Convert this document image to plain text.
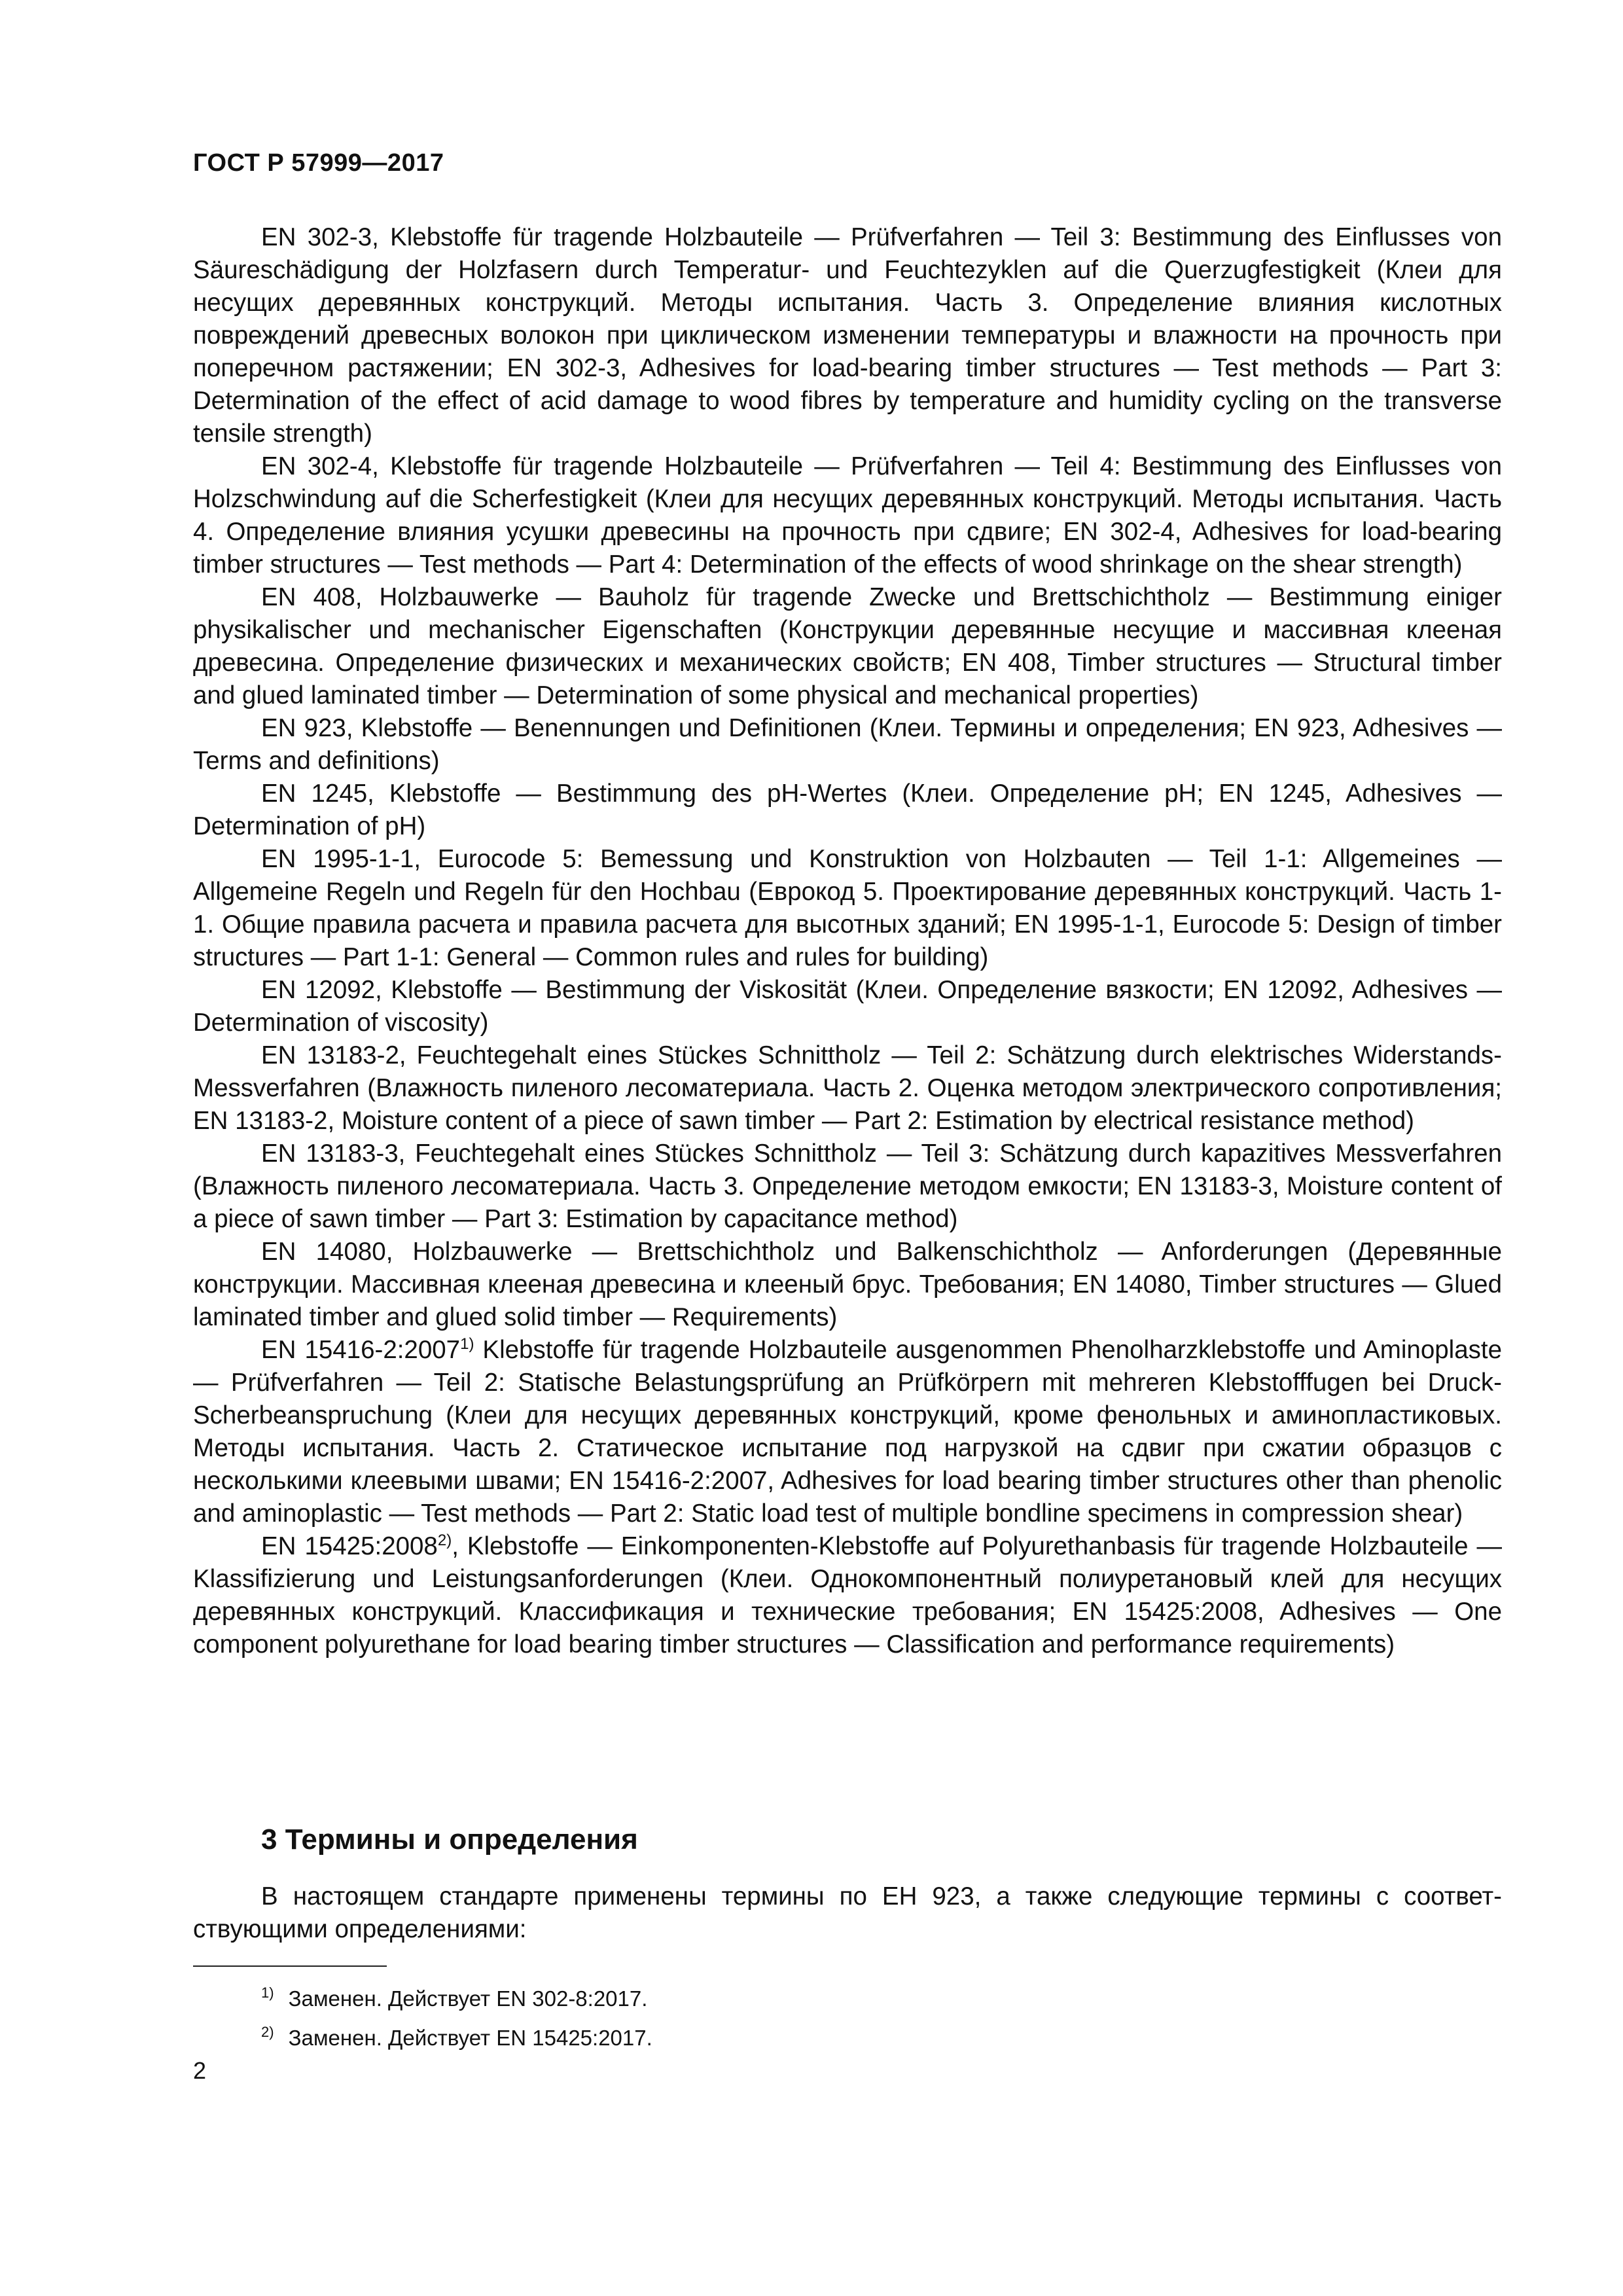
ГОСТ Р 57999—2017

EN 302-3, Klebstoffe für tragende Holzbauteile — Prüfverfahren — Teil 3: Bestimmung des Einflusses von Säureschädigung der Holzfasern durch Temperatur- und Feuchtezyklen auf die Querzugfestigkeit (Клеи для несущих деревянных конструкций. Методы испытания. Часть 3. Определение влияния кислотных повреждений древесных волокон при циклическом изменении температуры и влажности на прочность при поперечном растяжении; EN 302-3, Adhesives for load-bearing timber structures — Test methods — Part 3: Determination of the effect of acid damage to wood fibres by temperature and humidity cycling on the transverse tensile strength)

EN 302-4, Klebstoffe für tragende Holzbauteile — Prüfverfahren — Teil 4: Bestimmung des Einflusses von Holzschwindung auf die Scherfestigkeit (Клеи для несущих деревянных конструкций. Методы испытания. Часть 4. Определение влияния усушки древесины на прочность при сдвиге; EN 302-4, Adhesives for load-bearing timber structures — Test methods — Part 4: Determination of the effects of wood shrinkage on the shear strength)

EN 408, Holzbauwerke — Bauholz für tragende Zwecke und Brettschichtholz — Bestimmung einiger physikalischer und mechanischer Eigenschaften (Конструкции деревянные несущие и массивная клееная древесина. Определение физических и механических свойств; EN 408, Timber structures — Structural timber and glued laminated timber — Determination of some physical and mechanical properties)

EN 923, Klebstoffe — Benennungen und Definitionen (Клеи. Термины и определения; EN 923, Adhesives — Terms and definitions)

EN 1245, Klebstoffe — Bestimmung des pH-Wertes (Клеи. Определение pH; EN 1245, Adhesives — Determination of pH)

EN 1995-1-1, Eurocode 5: Bemessung und Konstruktion von Holzbauten — Teil 1-1: Allgemeines — Allgemeine Regeln und Regeln für den Hochbau (Еврокод 5. Проектирование деревянных конструкций. Часть 1-1. Общие правила расчета и правила расчета для высотных зданий; EN 1995-1-1, Eurocode 5: Design of timber structures — Part 1-1: General — Common rules and rules for building)

EN 12092, Klebstoffe — Bestimmung der Viskosität (Клеи. Определение вязкости; EN 12092, Adhesives — Determination of viscosity)

EN 13183-2, Feuchtegehalt eines Stückes Schnittholz — Teil 2: Schätzung durch elektrisches Widerstands-Messverfahren (Влажность пиленого лесоматериала. Часть 2. Оценка методом электрического сопротивления; EN 13183-2, Moisture content of a piece of sawn timber — Part 2: Estimation by electrical resistance method)

EN 13183-3, Feuchtegehalt eines Stückes Schnittholz — Teil 3: Schätzung durch kapazitives Messverfahren (Влажность пиленого лесоматериала. Часть 3. Определение методом емкости; EN 13183-3, Moisture content of a piece of sawn timber — Part 3: Estimation by capacitance method)

EN 14080, Holzbauwerke — Brettschichtholz und Balkenschichtholz — Anforderungen (Деревянные конструкции. Массивная клееная древесина и клееный брус. Требования; EN 14080, Timber structures — Glued laminated timber and glued solid timber — Requirements)

EN 15416-2:2007$^{1)}$ Klebstoffe für tragende Holzbauteile ausgenommen Phenolharzklebstoffe und Aminoplaste — Prüfverfahren — Teil 2: Statische Belastungsprüfung an Prüfkörpern mit mehreren Klebstofffugen bei Druck-Scherbeanspruchung (Клеи для несущих деревянных конструкций, кроме фенольных и аминопластиковых. Методы испытания. Часть 2. Статическое испытание под нагрузкой на сдвиг при сжатии образцов с несколькими клеевыми швами; EN 15416-2:2007, Adhesives for load bearing timber structures other than phenolic and aminoplastic — Test methods — Part 2: Static load test of multiple bondline specimens in compression shear)

EN 15425:2008$^{2)}$, Klebstoffe — Einkomponenten-Klebstoffe auf Polyurethanbasis für tragende Holzbauteile — Klassifizierung und Leistungsanforderungen (Клеи. Однокомпонентный полиуретановый клей для несущих деревянных конструкций. Классификация и технические требования; EN 15425:2008, Adhesives — One component polyurethane for load bearing timber structures — Classification and performance requirements)

3 Термины и определения

В настоящем стандарте применены термины по ЕН 923, а также следующие термины с соответствующими определениями:

$^{1)}$ Заменен. Действует EN 302-8:2017.

$^{2)}$ Заменен. Действует EN 15425:2017.

2
